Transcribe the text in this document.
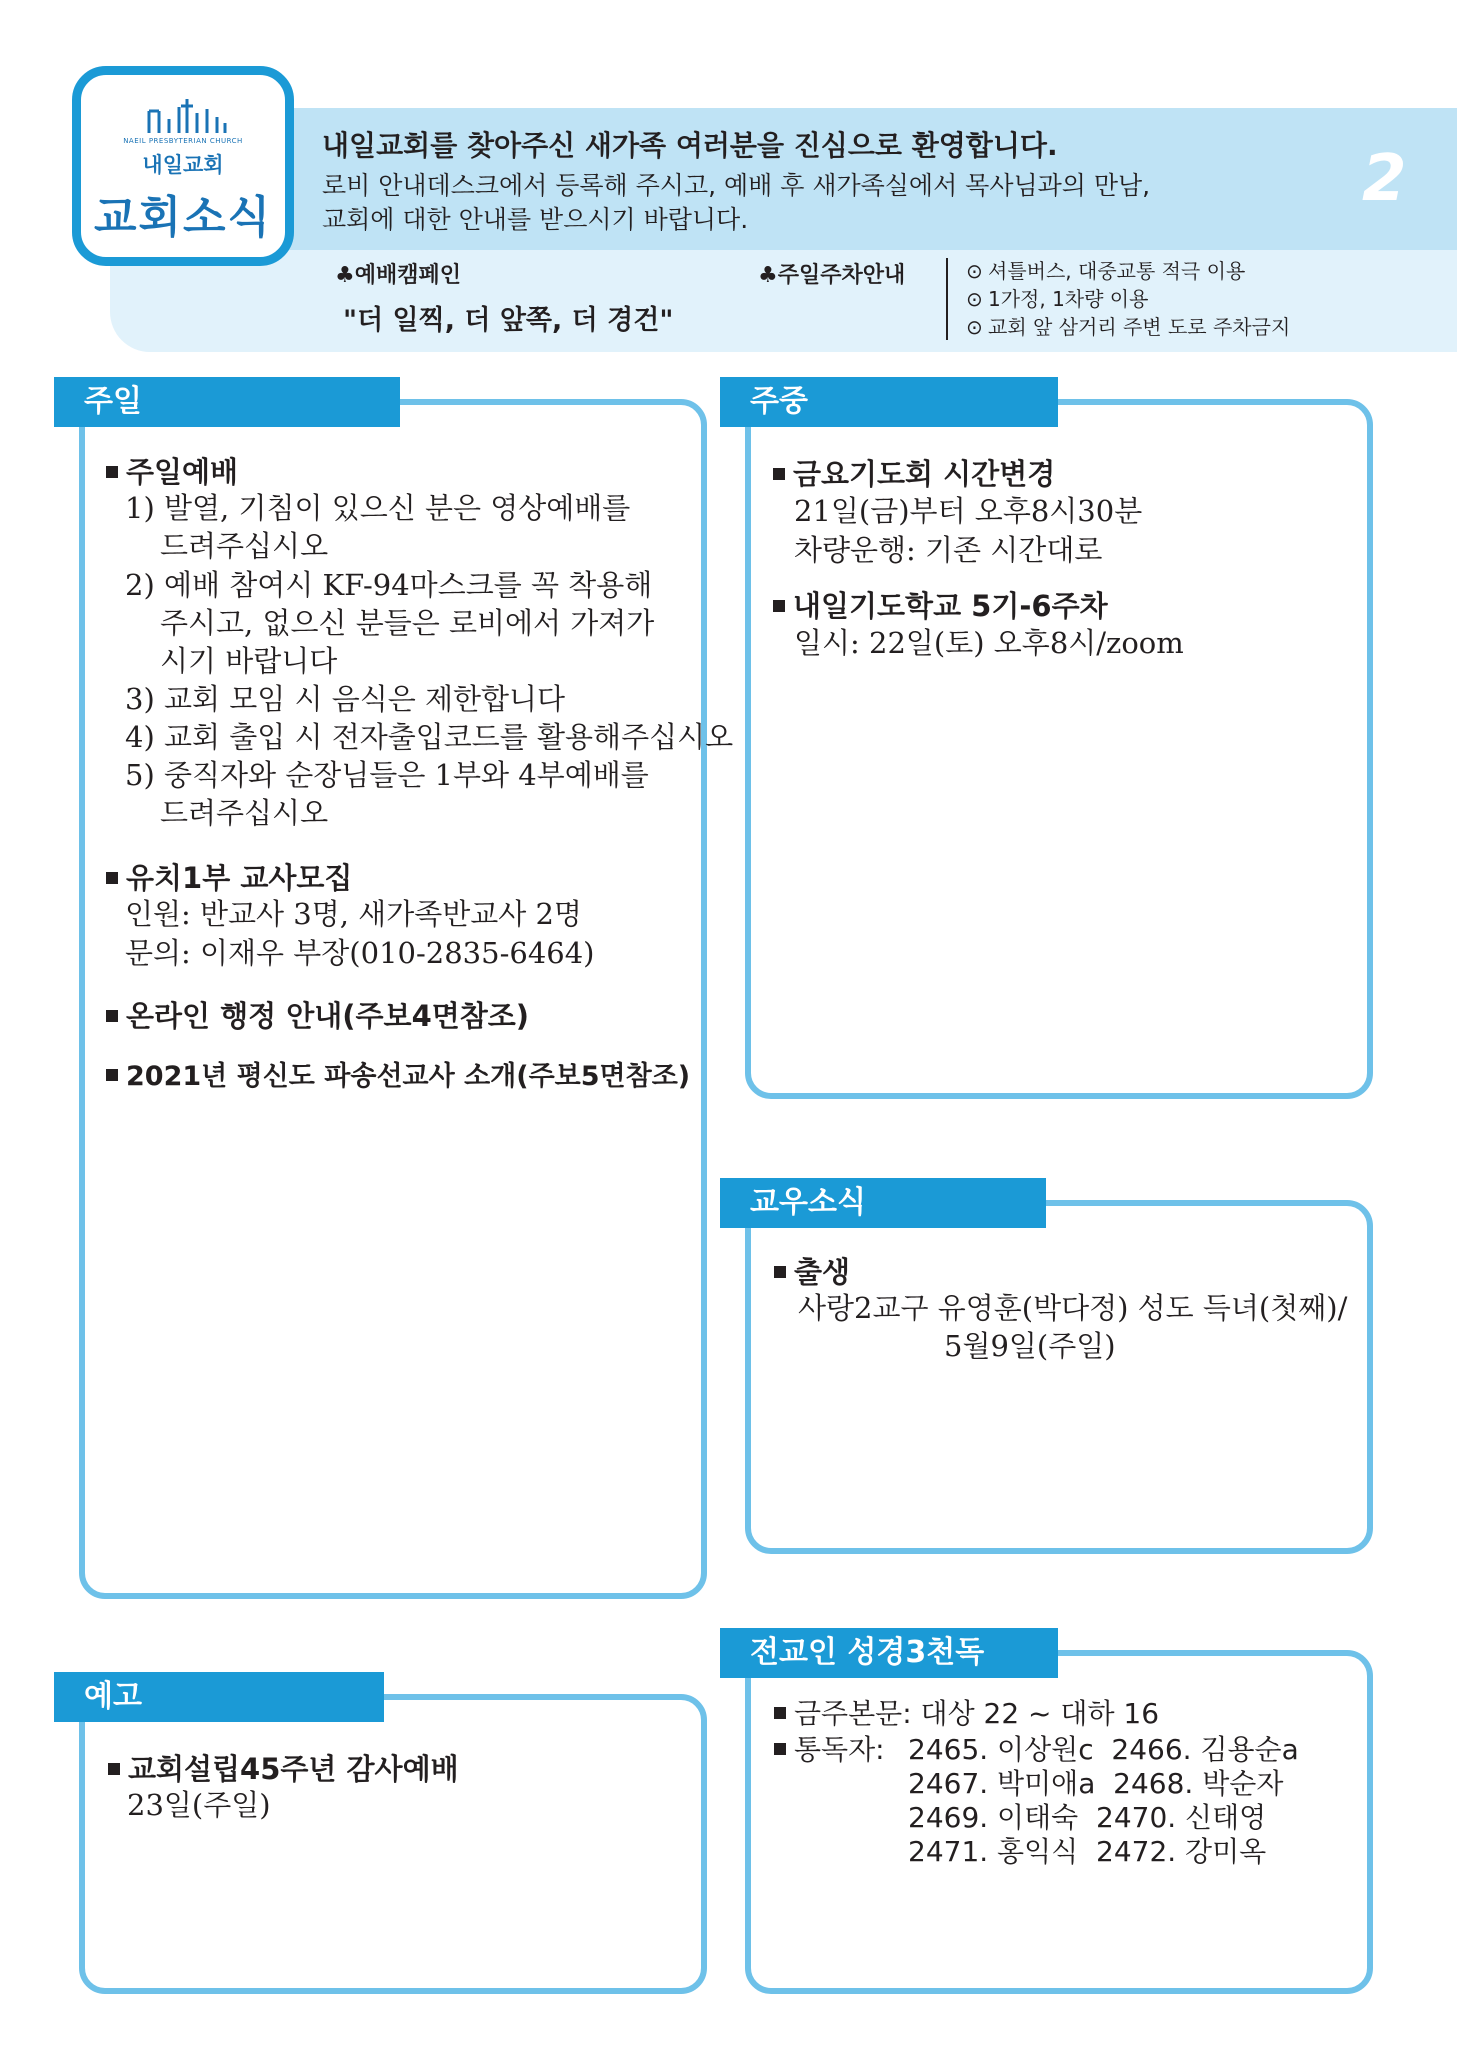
NAEIL PRESBYTERIAN CHURCH
내일교회
교회소식
내일교회를 찾아주신 새가족 여러분을 진심으로 환영합니다.
로비 안내데스크에서 등록해 주시고, 예배 후 새가족실에서 목사님과의 만남,
교회에 대한 안내를 받으시기 바랍니다.
2
♣예배캠페인
"더 일찍, 더 앞쪽, 더 경건"
♣주일주차안내	⊙ 셔틀버스, 대중교통 적극 이용
⊙ 1가정, 1차량 이용
⊙ 교회 앞 삼거리 주변 도로 주차금지
주일
주일예배
1) 발열, 기침이 있으신 분은 영상예배를
드려주십시오
2) 예배 참여시 KF-94마스크를 꼭 착용해
주시고, 없으신 분들은 로비에서 가져가
시기 바랍니다
3) 교회 모임 시 음식은 제한합니다
4) 교회 출입 시 전자출입코드를 활용해주십시오
5) 중직자와 순장님들은 1부와 4부예배를
드려주십시오
유치1부 교사모집
인원: 반교사 3명, 새가족반교사 2명
문의: 이재우 부장(010-2835-6464)
온라인 행정 안내(주보4면참조)
2021년 평신도 파송선교사 소개(주보5면참조)
주중
금요기도회 시간변경
21일(금)부터 오후8시30분
차량운행: 기존 시간대로
내일기도학교 5기-6주차
일시: 22일(토) 오후8시/zoom
교우소식
출생
사랑2교구 유영훈(박다정) 성도 득녀(첫째)/
5월9일(주일)
예고
교회설립45주년 감사예배
23일(주일)
전교인 성경3천독
금주본문: 대상 22 ~ 대하 16
통독자: 2465. 이상원c  2466. 김용순a
2467. 박미애a  2468. 박순자
2469. 이태숙  2470. 신태영
2471. 홍익식  2472. 강미옥
